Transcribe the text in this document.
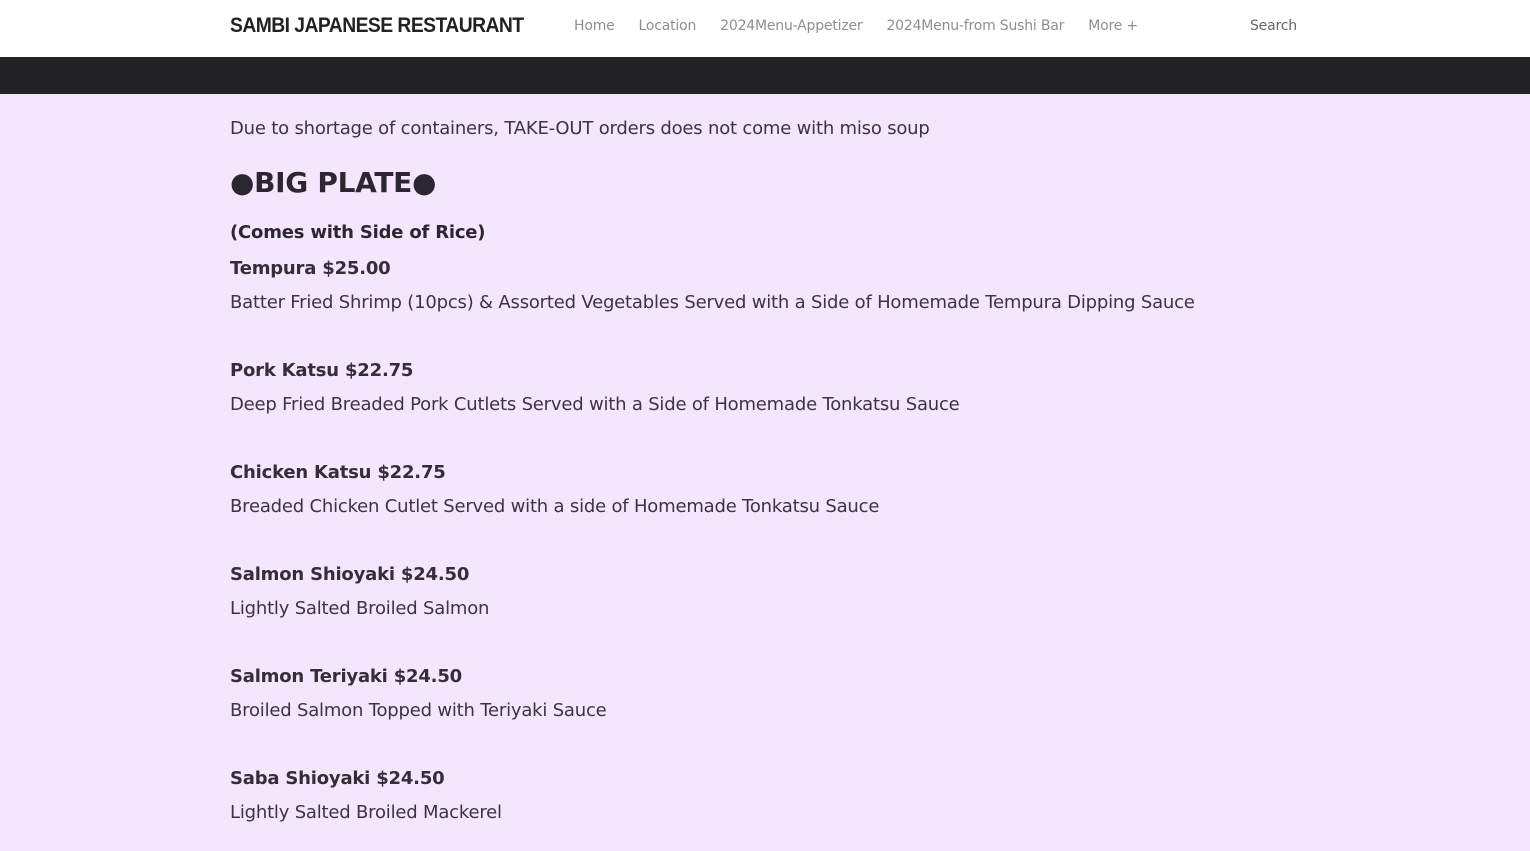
SAMBI JAPANESE RESTAURANT	Home Location 2024Menu-Appetizer 2024Menu-from Sushi Bar More +	Search
Due to shortage of containers, TAKE-OUT orders does not come with miso soup
●BIG PLATE●
(Comes with Side of Rice)
Tempura $25.00
Batter Fried Shrimp (10pcs) & Assorted Vegetables Served with a Side of Homemade Tempura Dipping Sauce
Pork Katsu $22.75
Deep Fried Breaded Pork Cutlets Served with a Side of Homemade Tonkatsu Sauce
Chicken Katsu $22.75
Breaded Chicken Cutlet Served with a side of Homemade Tonkatsu Sauce
Salmon Shioyaki $24.50
Lightly Salted Broiled Salmon
Salmon Teriyaki $24.50
Broiled Salmon Topped with Teriyaki Sauce
Saba Shioyaki $24.50
Lightly Salted Broiled Mackerel
